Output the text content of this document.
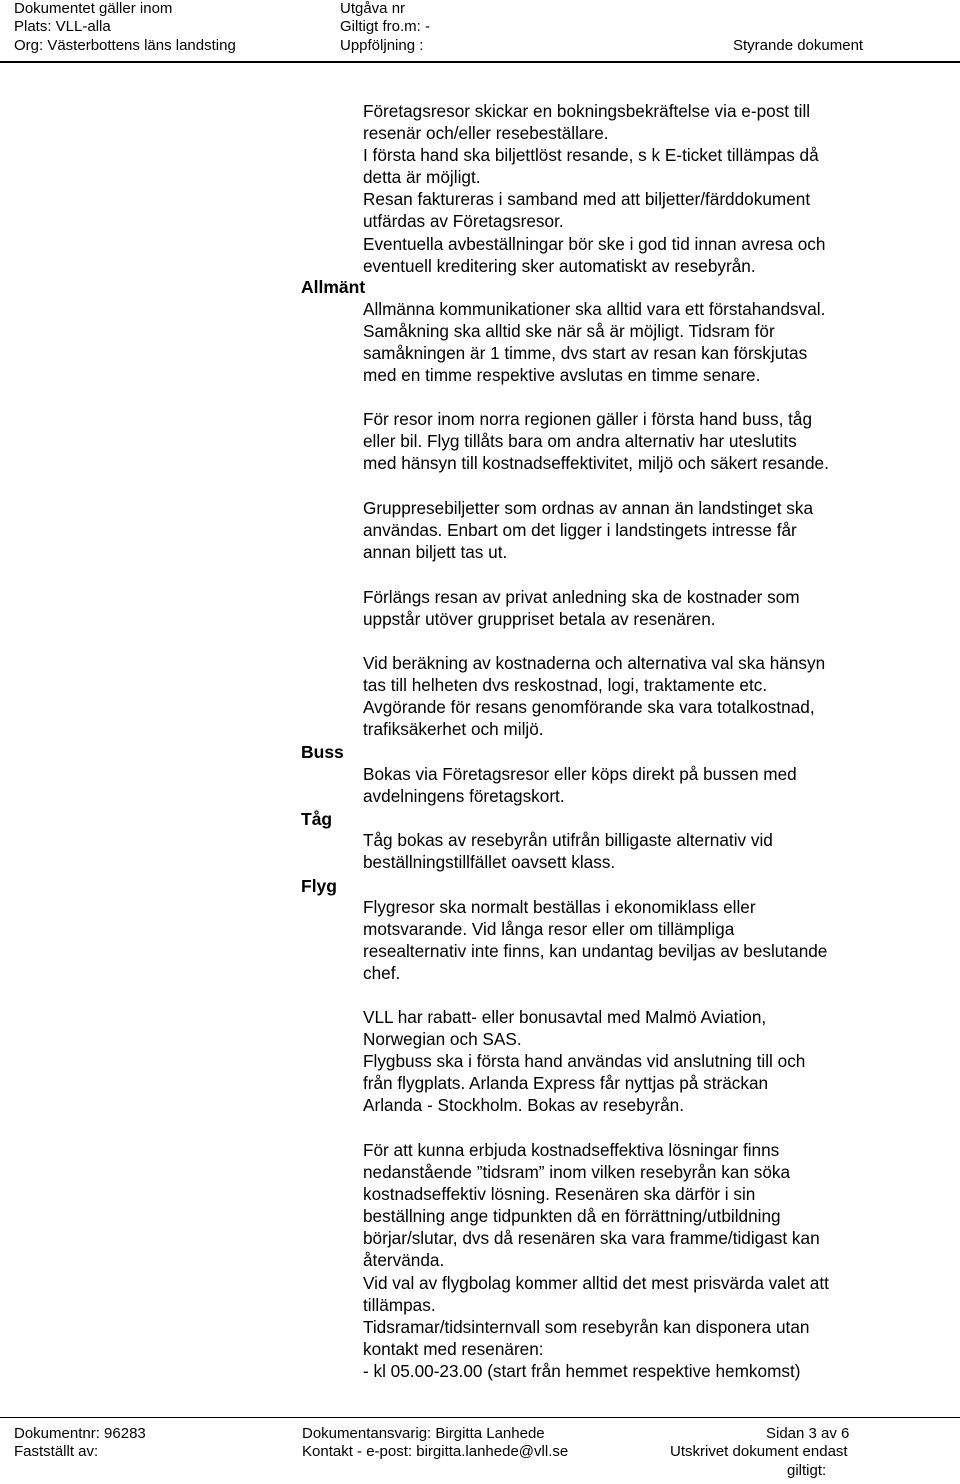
Dokumentet gäller inom
Plats: VLL-alla
Org: Västerbottens läns landsting
Utgåva nr
Giltigt fro.m: -
Uppföljning :	Styrande dokument
Allmänt
Buss
Tåg
Flyg
Företagsresor skickar en bokningsbekräftelse via e-post till
resenär och/eller resebeställare.
I första hand ska biljettlöst resande, s k E-ticket tillämpas då
detta är möjligt.
Resan faktureras i samband med att biljetter/färddokument
utfärdas av Företagsresor.
Eventuella avbeställningar bör ske i god tid innan avresa och
eventuell kreditering sker automatiskt av resebyrån.
Allmänna kommunikationer ska alltid vara ett förstahandsval.
Samåkning ska alltid ske när så är möjligt. Tidsram för
samåkningen är 1 timme, dvs start av resan kan förskjutas
med en timme respektive avslutas en timme senare.
För resor inom norra regionen gäller i första hand buss, tåg
eller bil. Flyg tillåts bara om andra alternativ har uteslutits
med hänsyn till kostnadseffektivitet, miljö och säkert resande.
Gruppresebiljetter som ordnas av annan än landstinget ska
användas. Enbart om det ligger i landstingets intresse får
annan biljett tas ut.
Förlängs resan av privat anledning ska de kostnader som
uppstår utöver gruppriset betala av resenären.
Vid beräkning av kostnaderna och alternativa val ska hänsyn
tas till helheten dvs reskostnad, logi, traktamente etc.
Avgörande för resans genomförande ska vara totalkostnad,
trafiksäkerhet och miljö.
Bokas via Företagsresor eller köps direkt på bussen med
avdelningens företagskort.
Tåg bokas av resebyrån utifrån billigaste alternativ vid
beställningstillfället oavsett klass.
Flygresor ska normalt beställas i ekonomiklass eller
motsvarande. Vid långa resor eller om tillämpliga
resealternativ inte finns, kan undantag beviljas av beslutande
chef.
VLL har rabatt- eller bonusavtal med Malmö Aviation,
Norwegian och SAS.
Flygbuss ska i första hand användas vid anslutning till och
från flygplats. Arlanda Express får nyttjas på sträckan
Arlanda - Stockholm. Bokas av resebyrån.
För att kunna erbjuda kostnadseffektiva lösningar finns
nedanstående ”tidsram” inom vilken resebyrån kan söka
kostnadseffektiv lösning. Resenären ska därför i sin
beställning ange tidpunkten då en förrättning/utbildning
börjar/slutar, dvs då resenären ska vara framme/tidigast kan
återvända.
Vid val av flygbolag kommer alltid det mest prisvärda valet att
tillämpas.
Tidsramar/tidsinternvall som resebyrån kan disponera utan
kontakt med resenären:
- kl 05.00-23.00 (start från hemmet respektive hemkomst)
Dokumentnr: 96283
Fastställt av:
Dokumentansvarig: Birgitta Lanhede
Kontakt - e-post: birgitta.lanhede@vll.se
Sidan 3 av 6
Utskrivet dokument endast
giltigt:
